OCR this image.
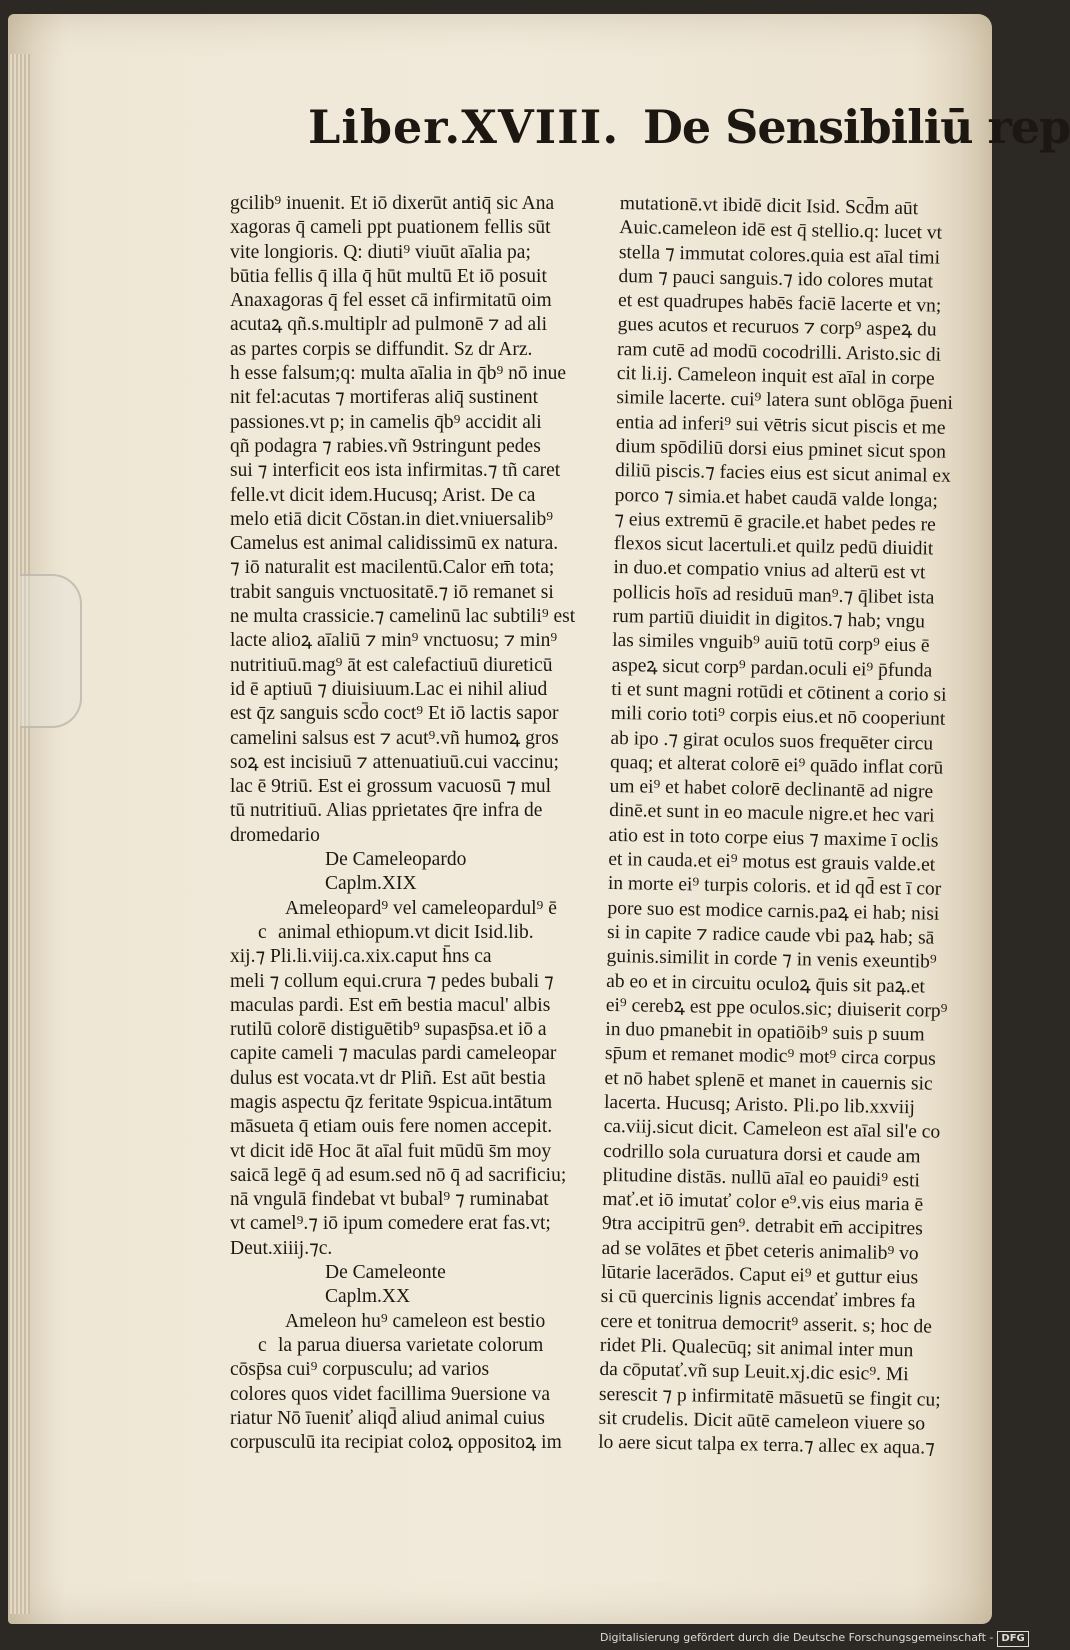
Liber.XVIII. De Sensibiliū rep
gcilib⁹ inuenit. Et iō dixerūt antiq̄ sic Ana
xagoras q̄ cameli ppt puationem fellis sūt
vite longioris. Q: diuti⁹ viuūt aīalia pa;
būtia fellis q̄̄ illa q̄ hūt multū Et iō posuit
Anaxagoras q̄ fel esset cā infirmitatū oim
acutaꝝ qñ.s.multiplr ad pulmonē ⁊ ad ali
as partes corpis se diffundit. Sz dr Arz.
h esse falsum;q: multa aīalia in q̄b⁹ nō inue
nit fel:acutas ⁊ mortiferas aliq̄ sustinent
passiones.vt p; in camelis q̄b⁹ accidit ali
qñ podagra ⁊ rabies.vñ 9stringunt pedes
sui ⁊ interficit eos ista infirmitas.⁊ tñ caret
felle.vt dicit idem.Hucusq; Arist. De ca
melo etiā dicit Cōstan.in diet.vniuersalib⁹
Camelus est animal calidissimū ex natura.
⁊ iō naturalit est macilentū.Calor em̄ tota;
trabit sanguis vnctuositatē.⁊ iō remanet si
ne multa crassicie.⁊ camelinū lac subtili⁹ est
lacte alioꝝ aīaliū ⁊ min⁹ vnctuosu; ⁊ min⁹
nutritiuū.mag⁹ āt est calefactiuū diureticū
id ē aptiuū ⁊ diuisiuum.Lac ei nihil aliud
est q̄z sanguis scd̄o coct⁹ Et iō lactis sapor
camelini salsus est ⁊ acut⁹.vñ humoꝝ gros
soꝝ est incisiuū ⁊ attenuatiuū.cui vaccinu;
lac ē 9triū. Est ei grossum vacuosū ⁊ mul
tū nutritiuū. Alias pprietates q̄re infra de
dromedario
De Cameleopardo
Caplm.XIX
Ameleopard⁹ vel cameleopardul⁹ ē
c animal ethiopum.vt dicit Isid.lib.
xij.⁊ Pli.li.viij.ca.xix.caput h̄ns ca
meli ⁊ collum equi.crura ⁊ pedes bubali ⁊
maculas pardi. Est em̄ bestia macul' albis
rutilū colorē distiguētib⁹ supasp̄sa.et iō a
capite cameli ⁊ maculas pardi cameleopar
dulus est vocata.vt dr Pliñ. Est aūt bestia
magis aspectu q̄z feritate 9spicua.intātum
māsueta q̄ etiam ouis fere nomen accepit.
vt dicit idē Hoc āt aīal fuit mūdū s̄m moy
saicā legē q̄ ad esum.sed nō q̄ ad sacrificiu;
nā vngulā findebat vt bubal⁹ ⁊ ruminabat
vt camel⁹.⁊ iō ipum comedere erat fas.vt;
Deut.xiiij.⁊c.
De Cameleonte
Caplm.XX
Ameleon hu⁹ cameleon est bestio
c la parua diuersa varietate colorum
cōsp̄sa cui⁹ corpusculu; ad varios
colores quos videt facillima 9uersione va
riatur Nō īueniť aliqd̄ aliud animal cuius
corpusculū ita recipiat coloꝝ oppositoꝝ im
mutationē.vt ibidē dicit Isid. Scd̄m aūt
Auic.cameleon idē est q̄ stellio.q: lucet vt
stella ⁊ immutat colores.quia est aīal timi
dum ⁊ pauci sanguis.⁊ ido colores mutat
et est quadrupes habēs faciē lacerte et vn;
gues acutos et recuruos ⁊ corp⁹ aspeꝝ du
ram cutē ad modū cocodrilli. Aristo.sic di
cit li.ij. Cameleon inquit est aīal in corpe
simile lacerte. cui⁹ latera sunt oblōga p̄ueni
entia ad inferi⁹ sui vētris sicut piscis et me
dium spōdiliū dorsi eius pminet sicut spon
diliū piscis.⁊ facies eius est sicut animal ex
porco ⁊ simia.et habet caudā valde longa;
⁊ eius extremū ē gracile.et habet pedes re
flexos sicut lacertuli.et quilz pedū diuidit
in duo.et compatio vnius ad alterū est vt
pollicis hoīs ad residuū man⁹.⁊ q̄libet ista
rum partiū diuidit in digitos.⁊ hab; vngu
las similes vnguib⁹ auiū totū corp⁹ eius ē
aspeꝝ sicut corp⁹ pardan.oculi ei⁹ p̄funda
ti et sunt magni rotūdi et cōtinent a corio si
mili corio toti⁹ corpis eius.et nō cooperiunt
ab ipo .⁊ girat oculos suos frequēter circu
quaq; et alterat colorē ei⁹ quādo inflat corū
um ei⁹ et habet colorē declinantē ad nigre
dinē.et sunt in eo macule nigre.et hec vari
atio est in toto corpe eius ⁊ maxime ī oclis
et in cauda.et ei⁹ motus est grauis valde.et
in morte ei⁹ turpis coloris. et id qd̄ est ī cor
pore suo est modice carnis.paꝝ ei hab; nisi
si in capite ⁊ radice caude vbi paꝝ hab; sā
guinis.similit in corde ⁊ in venis exeuntib⁹
ab eo et in circuitu oculoꝝ q̄uis sit paꝝ.et
ei⁹ cerebꝝ est ppe oculos.sic; diuiserit corp⁹
in duo pmanebit in opatiōib⁹ suis p suum
sp̄um et remanet modic⁹ mot⁹ circa corpus
et nō habet splenē et manet in cauernis sic
lacerta. Hucusq; Aristo. Pli.po lib.xxviij
ca.viij.sicut dicit. Cameleon est aīal sil'e co
codrillo sola curuatura dorsi et caude am
plitudine distās. nullū aīal eo pauidi⁹ esti
mať.et iō imutať color e⁹.vis eius maria ē
9tra accipitrū gen⁹. detrabit em̄ accipitres
ad se volātes et p̄bet ceteris animalib⁹ vo
lūtarie lacerādos. Caput ei⁹ et guttur eius
si cū quercinis lignis accendať imbres fa
cere et tonitrua democrit⁹ asserit. s; hoc de
ridet Pli. Qualecūq; sit animal inter mun
da cōputať.vñ sup Leuit.xj.dic esic⁹. Mi
serescit ⁊ p infirmitatē māsuetū se fingit cu;
sit crudelis. Dicit aūtē cameleon viuere so
lo aere sicut talpa ex terra.⁊ allec ex aqua.⁊
Digitalisierung gefördert durch die Deutsche Forschungsgemeinschaft - DFG
